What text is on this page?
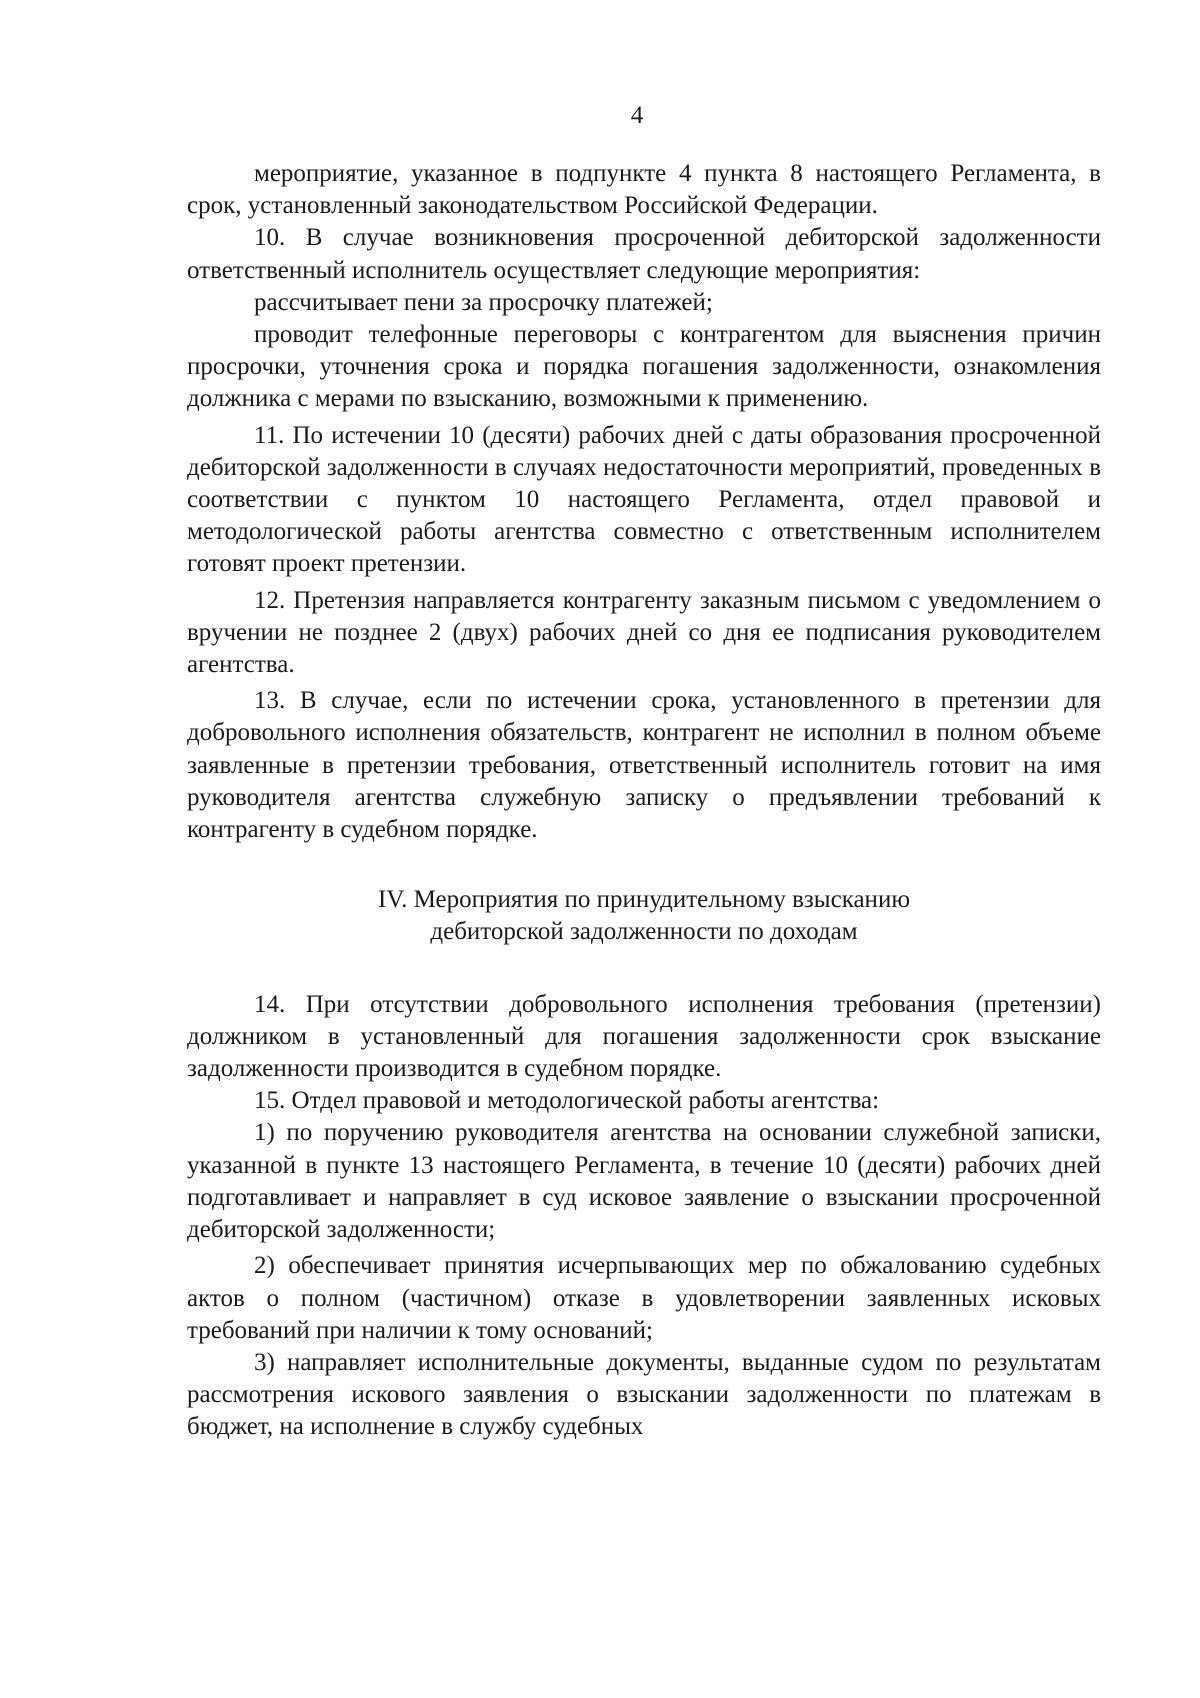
4

мероприятие, указанное в подпункте 4 пункта 8 настоящего Регламента, в срок, установленный законодательством Российской Федерации.

10. В случае возникновения просроченной дебиторской задолженности ответственный исполнитель осуществляет следующие мероприятия:

рассчитывает пени за просрочку платежей;

проводит телефонные переговоры с контрагентом для выяснения причин просрочки, уточнения срока и порядка погашения задолженности, ознакомления должника с мерами по взысканию, возможными к применению.

11. По истечении 10 (десяти) рабочих дней с даты образования просроченной дебиторской задолженности в случаях недостаточности мероприятий, проведенных в соответствии с пунктом 10 настоящего Регламента, отдел правовой и методологической работы агентства совместно с ответственным исполнителем готовят проект претензии.

12. Претензия направляется контрагенту заказным письмом с уведомлением о вручении не позднее 2 (двух) рабочих дней со дня ее подписания руководителем агентства.

13. В случае, если по истечении срока, установленного в претензии для добровольного исполнения обязательств, контрагент не исполнил в полном объеме заявленные в претензии требования, ответственный исполнитель готовит на имя руководителя агентства служебную записку о предъявлении требований к контрагенту в судебном порядке.

IV. Мероприятия по принудительному взысканию
дебиторской задолженности по доходам

14. При отсутствии добровольного исполнения требования (претензии) должником в установленный для погашения задолженности срок взыскание задолженности производится в судебном порядке.

15. Отдел правовой и методологической работы агентства:

1) по поручению руководителя агентства на основании служебной записки, указанной в пункте 13 настоящего Регламента, в течение 10 (десяти) рабочих дней подготавливает и направляет в суд исковое заявление о взыскании просроченной дебиторской задолженности;

2) обеспечивает принятия исчерпывающих мер по обжалованию судебных актов о полном (частичном) отказе в удовлетворении заявленных исковых требований при наличии к тому оснований;

3) направляет исполнительные документы, выданные судом по результатам рассмотрения искового заявления о взыскании задолженности по платежам в бюджет, на исполнение в службу судебных
